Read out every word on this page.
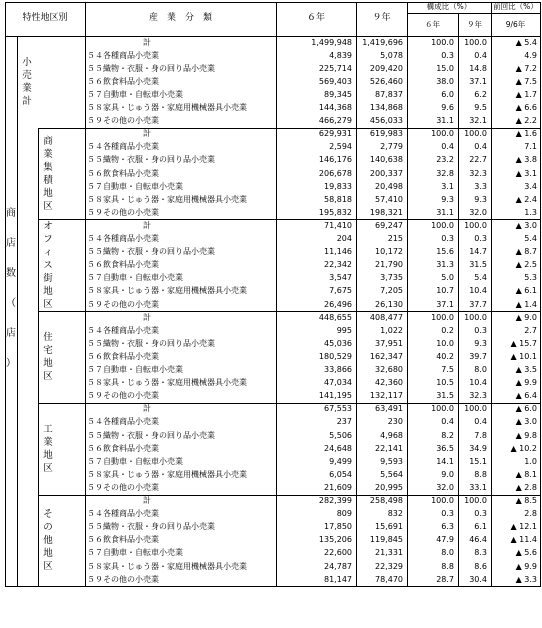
特性地区別	産　業　分　類	６年	９年
構成比（%）
６年	９年
前回比（%）
9/6年
商
店
数
（
店
）
小
売
業
計
計	1,499,948	1,419,696	100.0	100.0	▲ 5.4
５４各種商品小売業	4,839	5,078	0.3	0.4	4.9
５５織物・衣服・身の回り品小売業	225,714	209,420	15.0	14.8	▲ 7.2
５６飲食料品小売業	569,403	526,460	38.0	37.1	▲ 7.5
５７自動車・自転車小売業	89,345	87,837	6.0	6.2	▲ 1.7
５８家具・じゅう器・家庭用機械器具小売業	144,368	134,868	9.6	9.5	▲ 6.6
５９その他の小売業	466,279	456,033	31.1	32.1	▲ 2.2
商
業
集
積
地
区
計	629,931	619,983	100.0	100.0	▲ 1.6
５４各種商品小売業	2,594	2,779	0.4	0.4	7.1
５５織物・衣服・身の回り品小売業	146,176	140,638	23.2	22.7	▲ 3.8
５６飲食料品小売業	206,678	200,337	32.8	32.3	▲ 3.1
５７自動車・自転車小売業	19,833	20,498	3.1	3.3	3.4
５８家具・じゅう器・家庭用機械器具小売業	58,818	57,410	9.3	9.3	▲ 2.4
５９その他の小売業	195,832	198,321	31.1	32.0	1.3
オ
フ
ィ
ス
街
地
区
計	71,410	69,247	100.0	100.0	▲ 3.0
５４各種商品小売業	204	215	0.3	0.3	5.4
５５織物・衣服・身の回り品小売業	11,146	10,172	15.6	14.7	▲ 8.7
５６飲食料品小売業	22,342	21,790	31.3	31.5	▲ 2.5
５７自動車・自転車小売業	3,547	3,735	5.0	5.4	5.3
５８家具・じゅう器・家庭用機械器具小売業	7,675	7,205	10.7	10.4	▲ 6.1
５９その他の小売業	26,496	26,130	37.1	37.7	▲ 1.4
住
宅
地
区
計	448,655	408,477	100.0	100.0	▲ 9.0
５４各種商品小売業	995	1,022	0.2	0.3	2.7
５５織物・衣服・身の回り品小売業	45,036	37,951	10.0	9.3	▲ 15.7
５６飲食料品小売業	180,529	162,347	40.2	39.7	▲ 10.1
５７自動車・自転車小売業	33,866	32,680	7.5	8.0	▲ 3.5
５８家具・じゅう器・家庭用機械器具小売業	47,034	42,360	10.5	10.4	▲ 9.9
５９その他の小売業	141,195	132,117	31.5	32.3	▲ 6.4
工
業
地
区
計	67,553	63,491	100.0	100.0	▲ 6.0
５４各種商品小売業	237	230	0.4	0.4	▲ 3.0
５５織物・衣服・身の回り品小売業	5,506	4,968	8.2	7.8	▲ 9.8
５６飲食料品小売業	24,648	22,141	36.5	34.9	▲ 10.2
５７自動車・自転車小売業	9,499	9,593	14.1	15.1	1.0
５８家具・じゅう器・家庭用機械器具小売業	6,054	5,564	9.0	8.8	▲ 8.1
５９その他の小売業	21,609	20,995	32.0	33.1	▲ 2.8
そ
の
他
地
区
計	282,399	258,498	100.0	100.0	▲ 8.5
５４各種商品小売業	809	832	0.3	0.3	2.8
５５織物・衣服・身の回り品小売業	17,850	15,691	6.3	6.1	▲ 12.1
５６飲食料品小売業	135,206	119,845	47.9	46.4	▲ 11.4
５７自動車・自転車小売業	22,600	21,331	8.0	8.3	▲ 5.6
５８家具・じゅう器・家庭用機械器具小売業	24,787	22,329	8.8	8.6	▲ 9.9
５９その他の小売業	81,147	78,470	28.7	30.4	▲ 3.3
